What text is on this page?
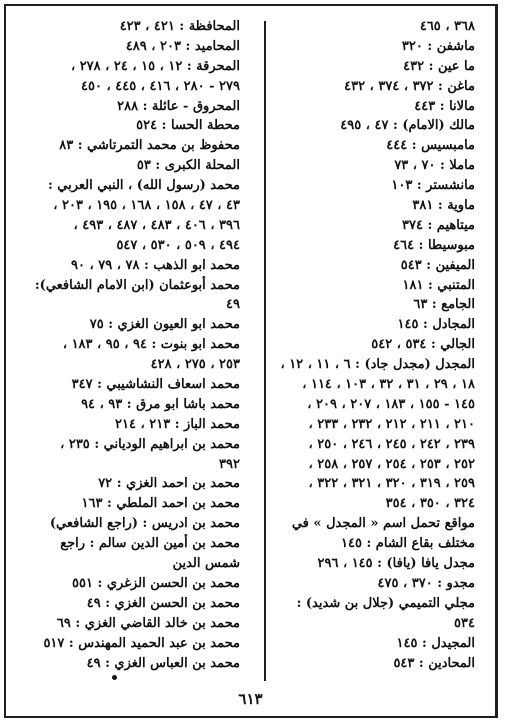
٣٦٨ ، ٤٦٥
ماشفن : ٣٢٠
ما عين : ٤٣٢
ماغن : ٣٧٢ ، ٣٧٤ ، ٤٣٢
مالانا : ٤٤٣
مالك (الامام) : ٤٧ ، ٤٩٥
مامبسيس : ٤٤٤
ماملا : ٧٠ ، ٧٣
مانشستر : ١٠٣
ماوية : ٣٨١
ميتاهيم : ٣٧٤
مبوسيطا : ٤٦٤
الميفين : ٥٤٣
المتنبي : ١٨١
الجامع : ٦٣
المجادل : ١٤٥
الجالي : ٥٣٤ ، ٥٤٢
المجدل (مجدل جاد) : ٦ ، ١١ ، ١٢ ،
١٨ ، ٢٩ ، ٣١ ، ٣٢ ، ١٠٣ ، ١١٤ ،
١٤٥ - ١٥٥ ، ١٨٣ ، ٢٠٧ ، ٢٠٩ ،
٢١٠ ، ٢١١ ، ٢١٢ ، ٢٣٢ ، ٢٣٣ ،
٢٣٩ ، ٢٤٢ ، ٢٤٥ ، ٢٤٦ ، ٢٥٠ ،
٢٥٢ ، ٢٥٣ ، ٢٥٤ ، ٢٥٧ ، ٢٥٨ ،
٢٥٩ ، ٣١٩ ، ٣٢٠ ، ٣٢١ ، ٣٢٢ ،
٣٢٤ ، ٣٥٠ ، ٣٥٤
مواقع تحمل اسم « المجدل » في
مختلف بقاع الشام : ١٤٥
مجدل يافا (يافا) : ١٤٥ ، ٢٩٦
مجدو : ٣٧٠ ، ٤٧٥
مجلي التميمي (جلال بن شديد) :
٥٣٤
المجيدل : ١٤٥
المحادين : ٥٤٣
المحافظة : ٤٢١ ، ٤٢٣
المحاميد : ٢٠٣ ، ٤٨٩
المحرقة : ١٢ ، ١٥ ، ٢٤ ، ٢٧٨ ،
٢٧٩ - ٢٨٠ ، ٤١٦ ، ٤٤٥ ، ٤٥٠
المحروق - عائلة : ٢٨٨
محطة الحسا : ٥٢٤
محفوظ بن محمد التمرتاشي : ٨٣
المحلة الكبرى : ٥٣
محمد (رسول الله) ، النبي العربي :
٤٣ ، ٤٧ ، ١٥٨ ، ١٦٨ ، ١٩٥ ، ٢٠٣ ،
٣٩٦ ، ٤٠٦ ، ٤٨٣ ، ٤٨٧ ، ٤٩٣ ،
٤٩٤ ، ٥٠٩ ، ٥٣٠ ، ٥٤٧
محمد ابو الذهب : ٧٨ ، ٧٩ ، ٩٠
محمد أبوعثمان (ابن الامام الشافعي):
٤٩
محمد ابو العيون الغزي : ٧٥
محمد ابو بنوت : ٩٤ ، ٩٥ ، ١٨٣ ،
٢٥٣ ، ٢٧٥ ، ٤٢٨
محمد اسعاف النشاشيبي : ٣٤٧
محمد باشا ابو مرق : ٩٣ ، ٩٤
محمد الباز : ٢١٣ ، ٢١٤
محمد بن ابراهيم الودياني : ٢٣٥ ،
٣٩٢
محمد بن احمد الغزي : ٧٢
محمد بن احمد الملطي : ١٦٣
محمد بن ادريس : (راجع الشافعي)
محمد بن أمين الدين سالم : راجع
شمس الدين
محمد بن الحسن الزغري : ٥٥١
محمد بن الحسن الغزي : ٤٩
محمد بن خالد القاضي الغزي : ٦٩
محمد بن عبد الحميد المهندس : ٥١٧
محمد بن العباس الغزي : ٤٩
٦١٣
